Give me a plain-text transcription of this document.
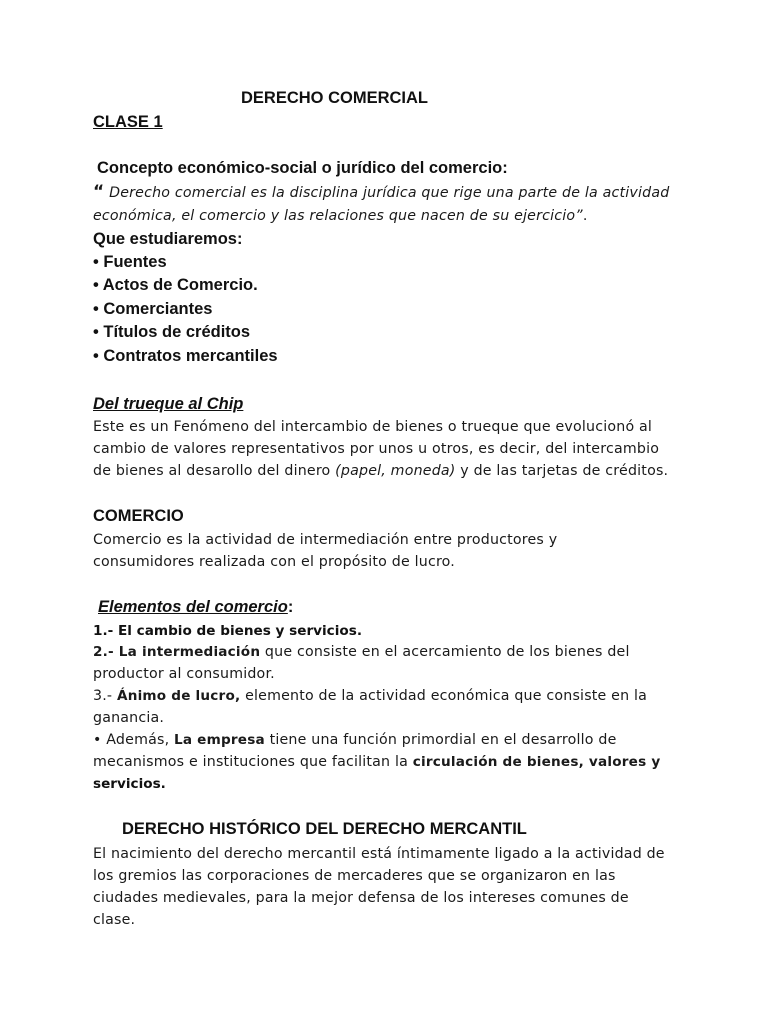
DERECHO COMERCIAL
CLASE 1
Concepto económico-social o jurídico del comercio:
“ Derecho comercial es la disciplina jurídica que rige una parte de la actividad
económica, el comercio y las relaciones que nacen de su ejercicio”.
Que estudiaremos:
• Fuentes
• Actos de Comercio.
• Comerciantes
• Títulos de créditos
• Contratos mercantiles
Del trueque al Chip
Este es un Fenómeno del intercambio de bienes o trueque que evolucionó al
cambio de valores representativos por unos u otros, es decir, del intercambio
de bienes al desarollo del dinero (papel, moneda) y de las tarjetas de créditos.
COMERCIO
Comercio es la actividad de intermediación entre productores y
consumidores realizada con el propósito de lucro.
Elementos del comercio:
1.- El cambio de bienes y servicios.
2.- La intermediación que consiste en el acercamiento de los bienes del
productor al consumidor.
3.- Ánimo de lucro, elemento de la actividad económica que consiste en la
ganancia.
• Además, La empresa tiene una función primordial en el desarrollo de
mecanismos e instituciones que facilitan la circulación de bienes, valores y
servicios.
DERECHO HISTÓRICO DEL DERECHO MERCANTIL
El nacimiento del derecho mercantil está íntimamente ligado a la actividad de
los gremios las corporaciones de mercaderes que se organizaron en las
ciudades medievales, para la mejor defensa de los intereses comunes de
clase.
